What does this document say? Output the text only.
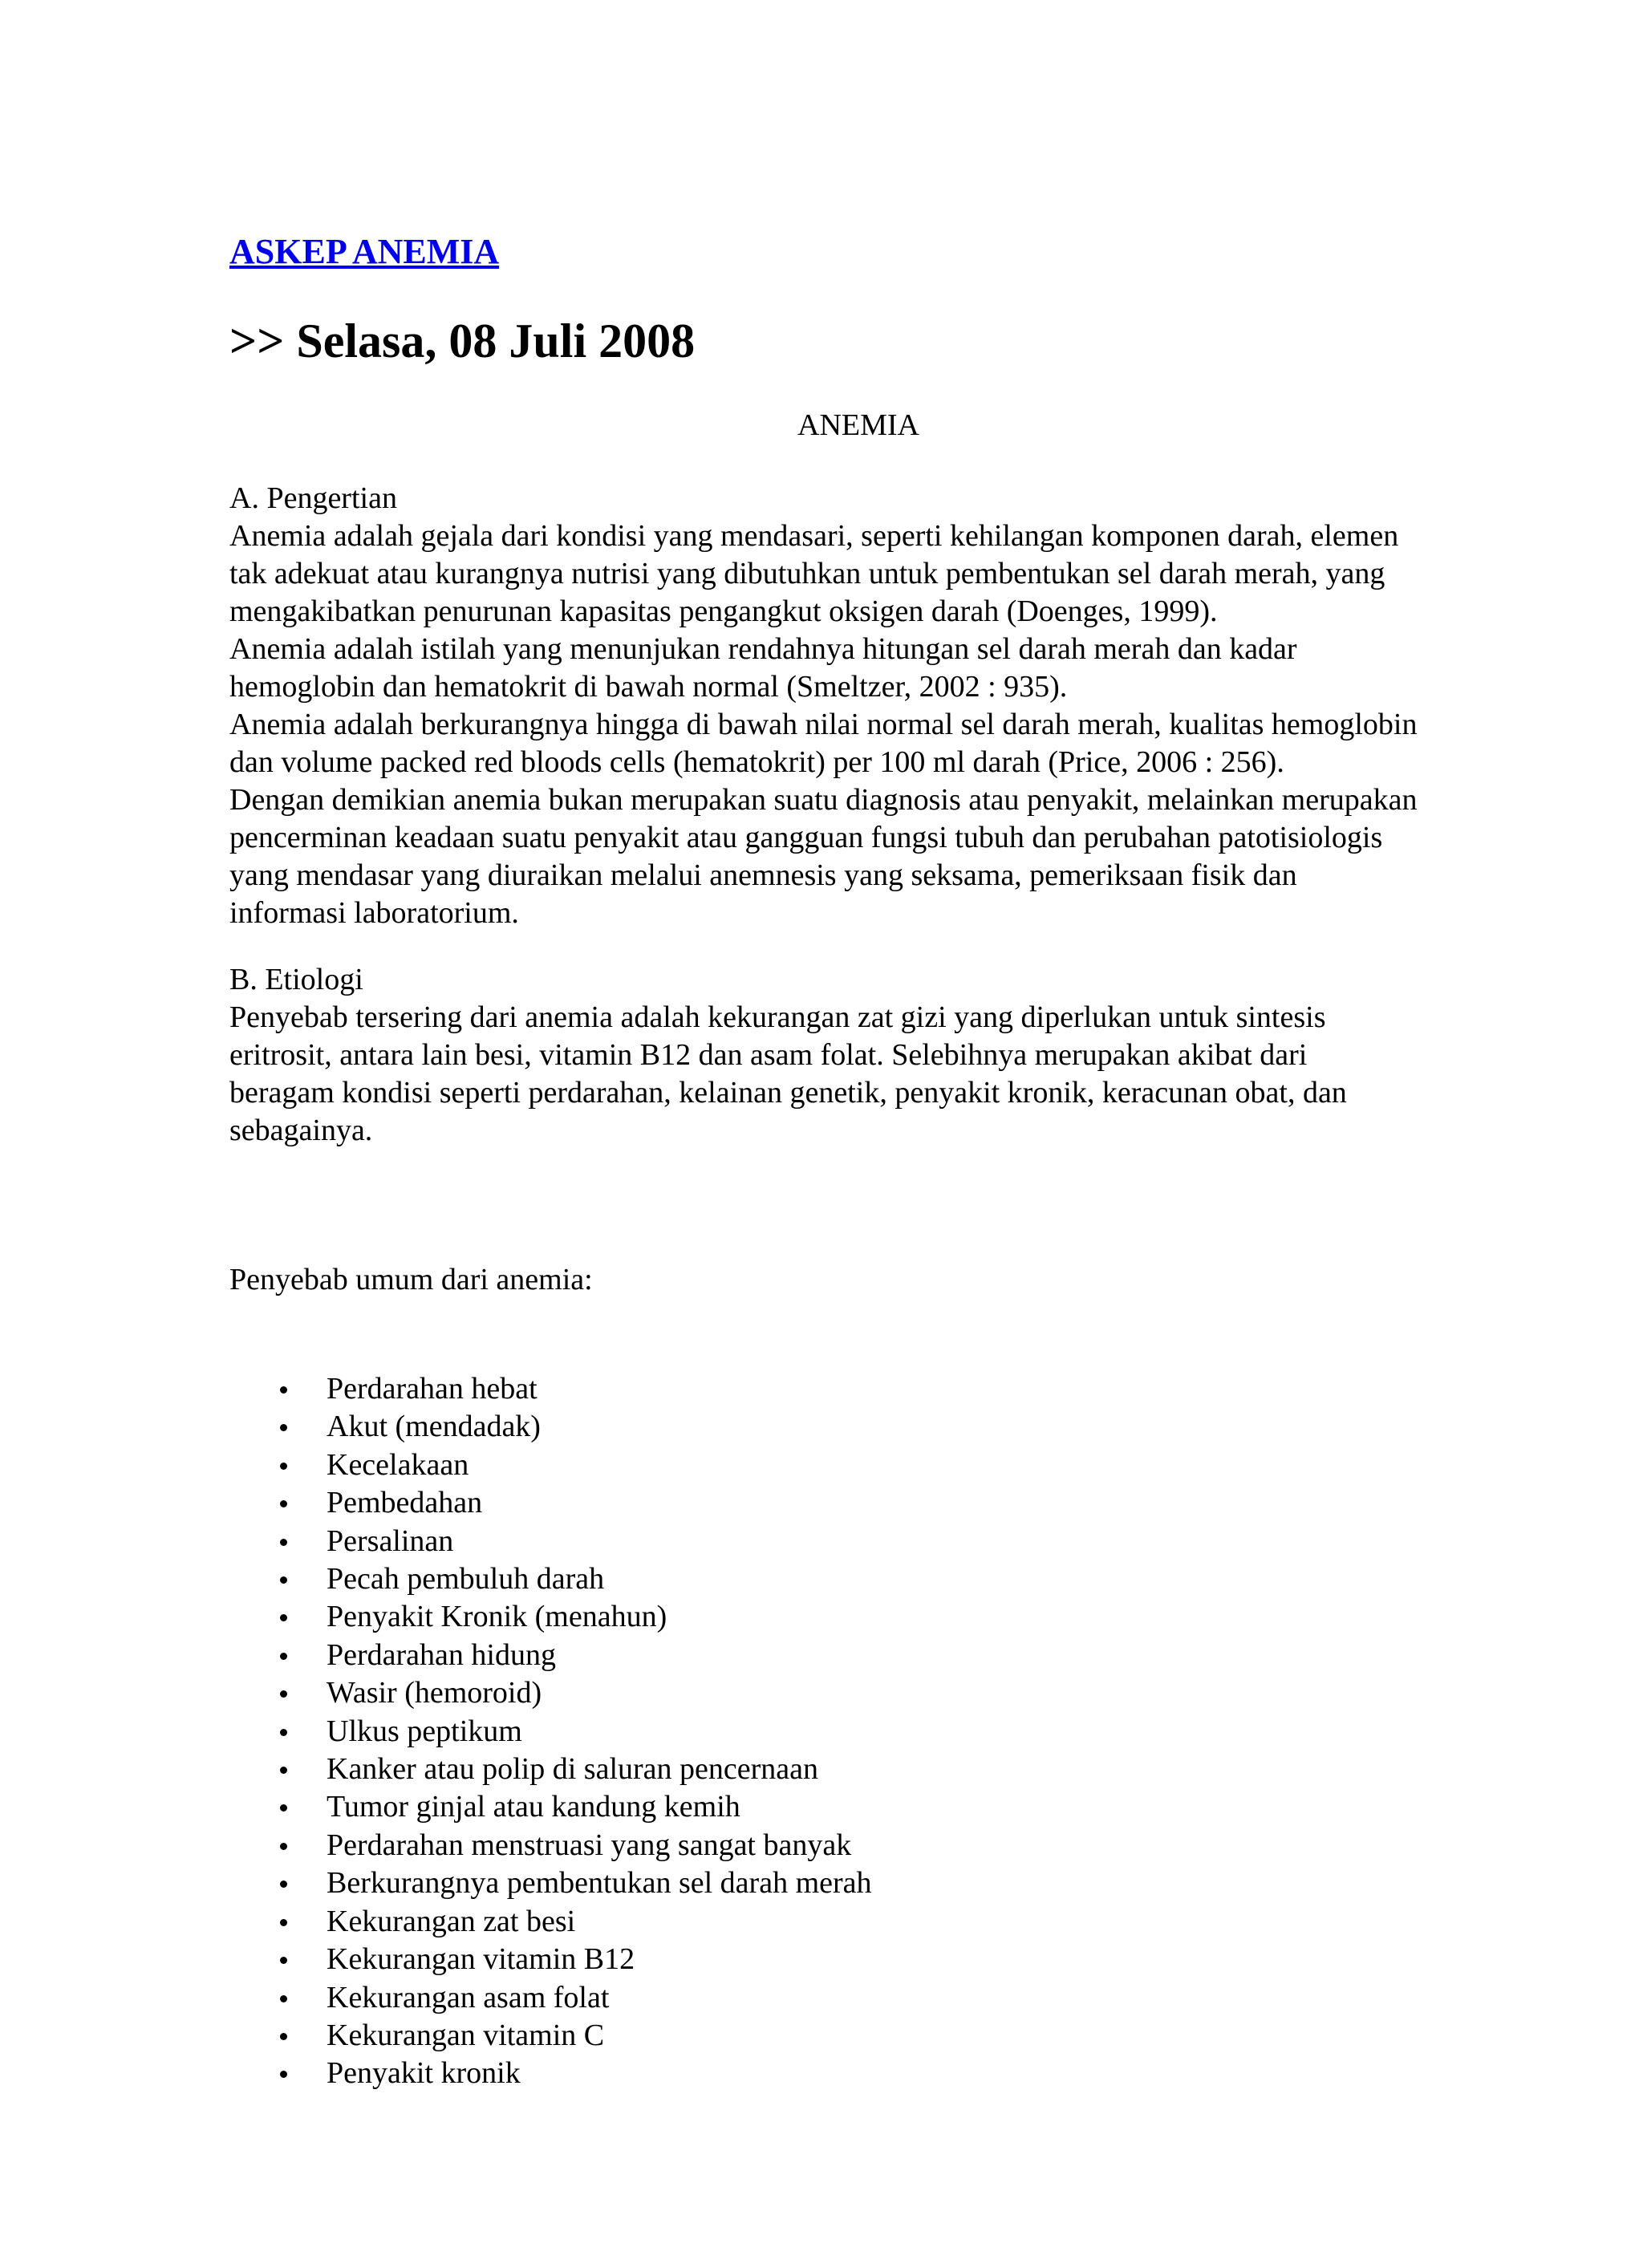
ASKEP ANEMIA
>> Selasa, 08 Juli 2008
ANEMIA

A. Pengertian

Anemia adalah gejala dari kondisi yang mendasari, seperti kehilangan komponen darah, elemen

tak adekuat atau kurangnya nutrisi yang dibutuhkan untuk pembentukan sel darah merah, yang

mengakibatkan penurunan kapasitas pengangkut oksigen darah (Doenges, 1999).

Anemia adalah istilah yang menunjukan rendahnya hitungan sel darah merah dan kadar

hemoglobin dan hematokrit di bawah normal (Smeltzer, 2002 : 935).

Anemia adalah berkurangnya hingga di bawah nilai normal sel darah merah, kualitas hemoglobin

dan volume packed red bloods cells (hematokrit) per 100 ml darah (Price, 2006 : 256).

Dengan demikian anemia bukan merupakan suatu diagnosis atau penyakit, melainkan merupakan

pencerminan keadaan suatu penyakit atau gangguan fungsi tubuh dan perubahan patotisiologis

yang mendasar yang diuraikan melalui anemnesis yang seksama, pemeriksaan fisik dan

informasi laboratorium.

B. Etiologi

Penyebab tersering dari anemia adalah kekurangan zat gizi yang diperlukan untuk sintesis

eritrosit, antara lain besi, vitamin B12 dan asam folat. Selebihnya merupakan akibat dari

beragam kondisi seperti perdarahan, kelainan genetik, penyakit kronik, keracunan obat, dan

sebagainya.

Penyebab umum dari anemia:
Perdarahan hebat
Akut (mendadak)
Kecelakaan
Pembedahan
Persalinan
Pecah pembuluh darah
Penyakit Kronik (menahun)
Perdarahan hidung
Wasir (hemoroid)
Ulkus peptikum
Kanker atau polip di saluran pencernaan
Tumor ginjal atau kandung kemih
Perdarahan menstruasi yang sangat banyak
Berkurangnya pembentukan sel darah merah
Kekurangan zat besi
Kekurangan vitamin B12
Kekurangan asam folat
Kekurangan vitamin C
Penyakit kronik
